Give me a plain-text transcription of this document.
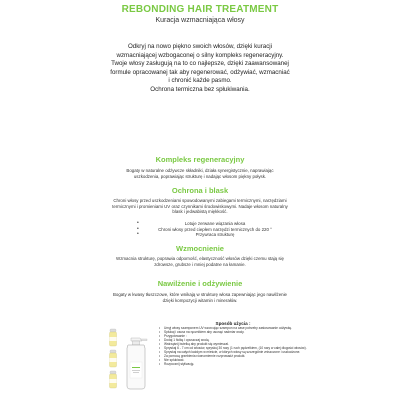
REBONDING HAIR TREATMENT
Kuracja wzmacniająca włosy

Odkryj na nowo piękno swoich włosów, dzięki kuracji wzmacniającej wzbogaconej o silny kompleks regeneracyjny.

Twoje włosy zasługują na to co najlepsze, dzięki zaawansowanej formule opracowanej tak aby regenerować, odżywiać, wzmacniać i chronić każde pasmo.

Ochrona termiczna bez spłukiwania.

Kompleks regeneracyjny
Bogaty w naturalne odżywcze składniki, działa synergistycznie, naprawiając uszkodzenia, poprawiając strukturę i nadając włosom piękny połysk.
Ochrona i blask
Chroni włosy przed uszkodzeniami spowodowanymi zabiegami termicznymi, narzędziami termicznymi i promieniami UV oraz czynnikami środowiskowymi. Nadaje włosom naturalny blask i jedwabistą miękkość.
• Lotuje zerwane wiązania włosa
• Chroni włosy przed ciepłem narzędzi termicznych do 220 °
• Przywraca strukturę
Wzmocnienie
Wzmacnia strukturę, poprawia odporność, elastyczność włosów dzięki czemu stają się zdrowsze, grubsze i mniej podatne na łamanie.
Nawilżenie i odżywienie
Bogaty w kwasy tłuszczowe, które wnikają w strukturę włosa zapewniając jego nawilżenie dzięki kompozycji witamin i minerałów.
Sposób użycia :
• Umyj włosy szamponem UV wzorcując szampon na case potrzeby zastosowanie odżywkę.
• Spłukaj i osusz na ręcznikiem aby usunąć nadmiar wody.
• Przygotowanie :
• Dodaj 1 fiolkę i opuszczaj wodą.
• Wstrząśnij butelką aby produkt się wymieszał.
• Spryskaj 6 - 7 cm od włosów, spryskuj 30 razy (1 ruch pędzelkiem, (10 razy w całej długości włosów).
• Spryskaj na całych każdym w mieście, w których włosy są szczególnie zniszczone i uszkodzone.
• Za pomocą grzebienia równomiernie rozprowadź produkt.
• Nie spłukiwać.
• Rozpocznij stylizację.
